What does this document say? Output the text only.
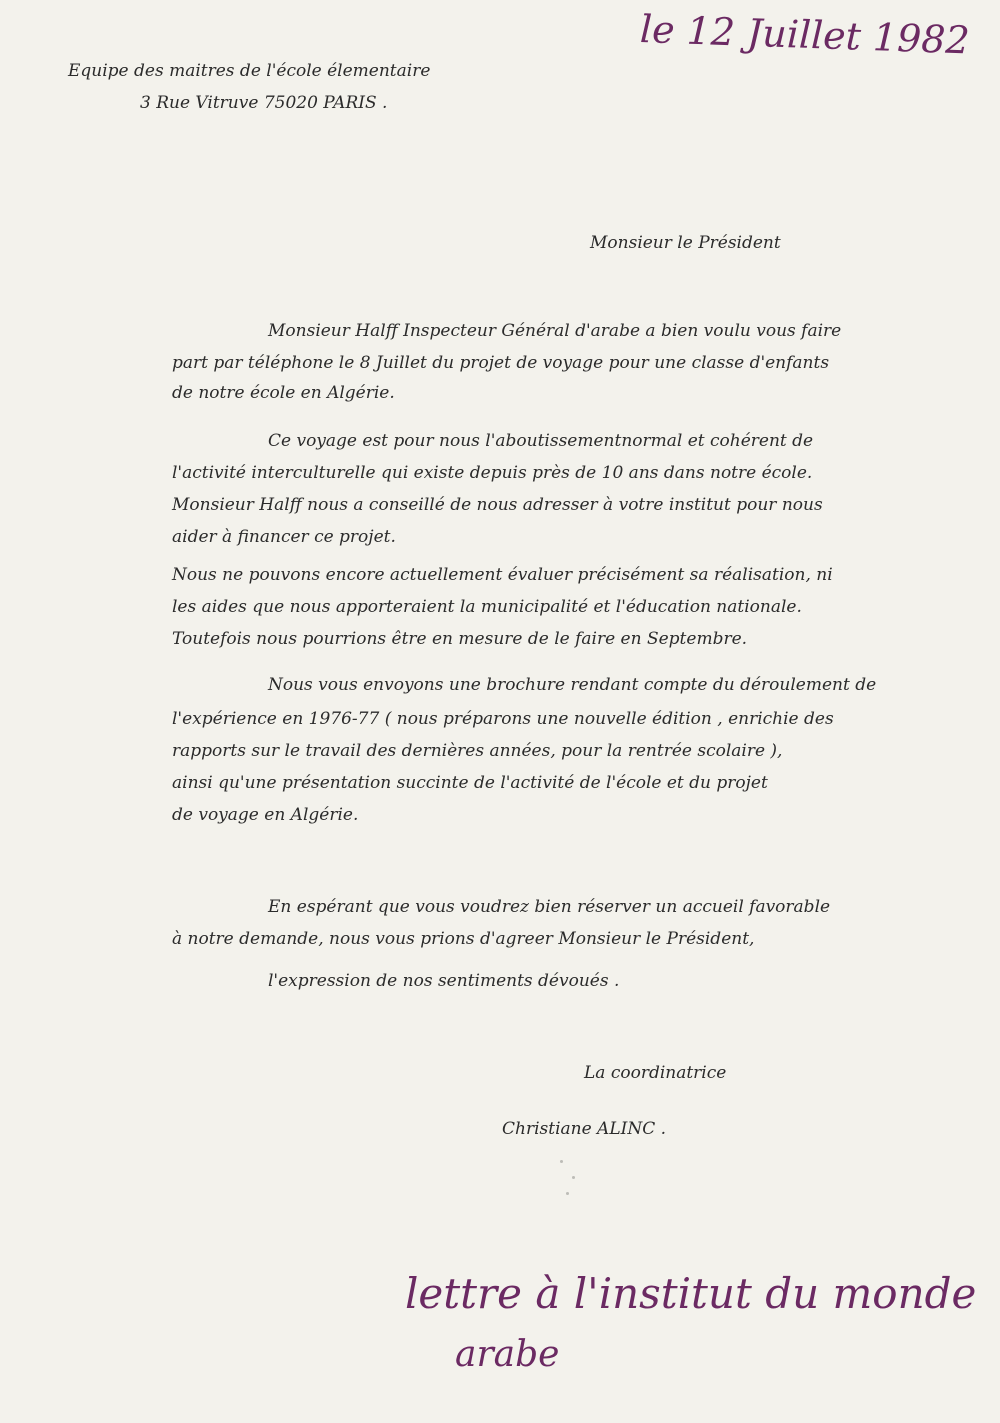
le 12 Juillet 1982
Equipe des maitres de l'école élementaire
3 Rue Vitruve 75020 PARIS .
Monsieur le Président
Monsieur Halff Inspecteur Général d'arabe a bien voulu vous faire
part par téléphone le 8 Juillet du projet de voyage pour une classe d'enfants
de notre école en Algérie.
Ce voyage est pour nous l'aboutissementnormal et cohérent de
l'activité interculturelle qui existe depuis près de 10 ans dans notre école.
Monsieur Halff nous a conseillé de nous adresser à votre institut pour nous
aider à financer ce projet.
Nous ne pouvons encore actuellement évaluer précisément sa réalisation, ni
les aides que nous apporteraient la municipalité et l'éducation nationale.
Toutefois nous pourrions être en mesure de le faire en Septembre.
Nous vous envoyons une brochure rendant compte du déroulement de
l'expérience en 1976-77 ( nous préparons une nouvelle édition , enrichie des
rapports sur le travail des dernières années, pour la rentrée scolaire ),
ainsi qu'une présentation succinte de l'activité de l'école et du projet
de voyage en Algérie.
En espérant que vous voudrez bien réserver un accueil favorable
à notre demande, nous vous prions d'agreer Monsieur le Président,
l'expression de nos sentiments dévoués .
La coordinatrice
Christiane ALINC .
lettre à l'institut du monde
arabe
